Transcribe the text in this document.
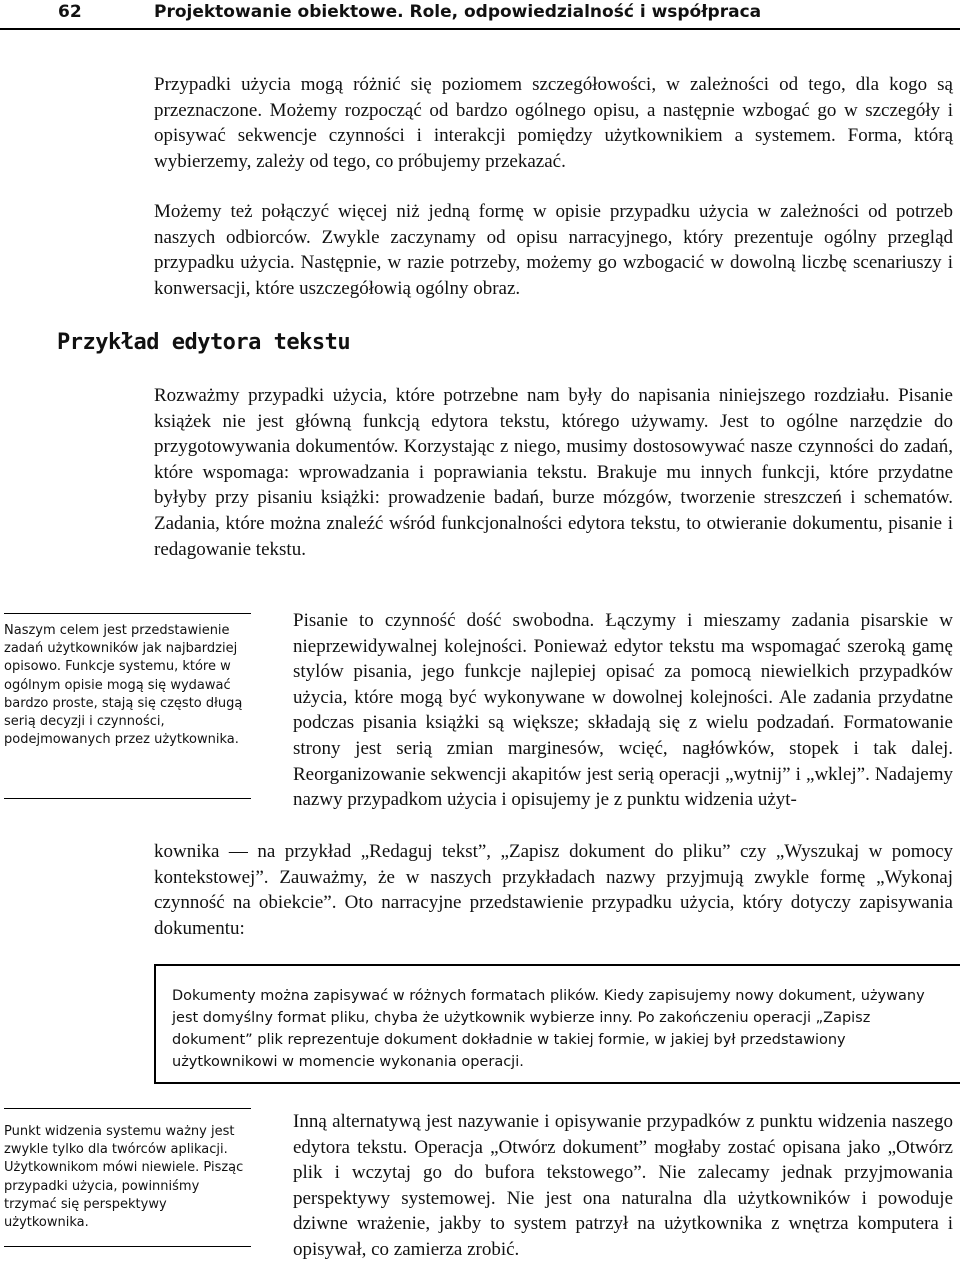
62	Projektowanie obiektowe. Role, odpowiedzialność i współpraca

Przypadki użycia mogą różnić się poziomem szczegółowości, w zależności od tego, dla kogo są przeznaczone. Możemy rozpocząć od bardzo ogólnego opisu, a następnie wzbogać go w szczegóły i opisywać sekwencje czynności i interakcji pomiędzy użytkownikiem a systemem. Forma, którą wybierzemy, zależy od tego, co próbujemy przekazać.

Możemy też połączyć więcej niż jedną formę w opisie przypadku użycia w zależności od potrzeb naszych odbiorców. Zwykle zaczynamy od opisu narracyjnego, który prezentuje ogólny przegląd przypadku użycia. Następnie, w razie potrzeby, możemy go wzbogacić w dowolną liczbę scenariuszy i konwersacji, które uszczegółowią ogólny obraz.

Przykład edytora tekstu

Rozważmy przypadki użycia, które potrzebne nam były do napisania niniejszego rozdziału. Pisanie książek nie jest główną funkcją edytora tekstu, którego używamy. Jest to ogólne narzędzie do przygotowywania dokumentów. Korzystając z niego, musimy dostosowywać nasze czynności do zadań, które wspomaga: wprowadzania i poprawiania tekstu. Brakuje mu innych funkcji, które przydatne byłyby przy pisaniu książki: prowadzenie badań, burze mózgów, tworzenie streszczeń i schematów. Zadania, które można znaleźć wśród funkcjonalności edytora tekstu, to otwieranie dokumentu, pisanie i redagowanie tekstu.

Naszym celem jest przedstawienie zadań użytkowników jak najbardziej opisowo. Funkcje systemu, które w ogólnym opisie mogą się wydawać bardzo proste, stają się często długą serią decyzji i czynności, podejmowanych przez użytkownika.

Pisanie to czynność dość swobodna. Łączymy i mieszamy zadania pisarskie w nieprzewidywalnej kolejności. Ponieważ edytor tekstu ma wspomagać szeroką gamę stylów pisania, jego funkcje najlepiej opisać za pomocą niewielkich przypadków użycia, które mogą być wykonywane w dowolnej kolejności. Ale zadania przydatne podczas pisania książki są większe; składają się z wielu podzadań. Formatowanie strony jest serią zmian marginesów, wcięć, nagłówków, stopek i tak dalej. Reorganizowanie sekwencji akapitów jest serią operacji „wytnij” i „wklej”. Nadajemy nazwy przypadkom użycia i opisujemy je z punktu widzenia użyt-

kownika — na przykład „Redaguj tekst”, „Zapisz dokument do pliku” czy „Wyszukaj w pomocy kontekstowej”. Zauważmy, że w naszych przykładach nazwy przyjmują zwykle formę „Wykonaj czynność na obiekcie”. Oto narracyjne przedstawienie przypadku użycia, który dotyczy zapisywania dokumentu:

Dokumenty można zapisywać w różnych formatach plików. Kiedy zapisujemy nowy dokument, używany jest domyślny format pliku, chyba że użytkownik wybierze inny. Po zakończeniu operacji „Zapisz dokument” plik reprezentuje dokument dokładnie w takiej formie, w jakiej był przedstawiony użytkownikowi w momencie wykonania operacji.

Punkt widzenia systemu ważny jest zwykle tylko dla twórców aplikacji. Użytkownikom mówi niewiele. Pisząc przypadki użycia, powinniśmy trzymać się perspektywy użytkownika.

Inną alternatywą jest nazywanie i opisywanie przypadków z punktu widzenia naszego edytora tekstu. Operacja „Otwórz dokument” mogłaby zostać opisana jako „Otwórz plik i wczytaj go do bufora tekstowego”. Nie zalecamy jednak przyjmowania perspektywy systemowej. Nie jest ona naturalna dla użytkowników i powoduje dziwne wrażenie, jakby to system patrzył na użytkownika z wnętrza komputera i opisywał, co zamierza zrobić.
